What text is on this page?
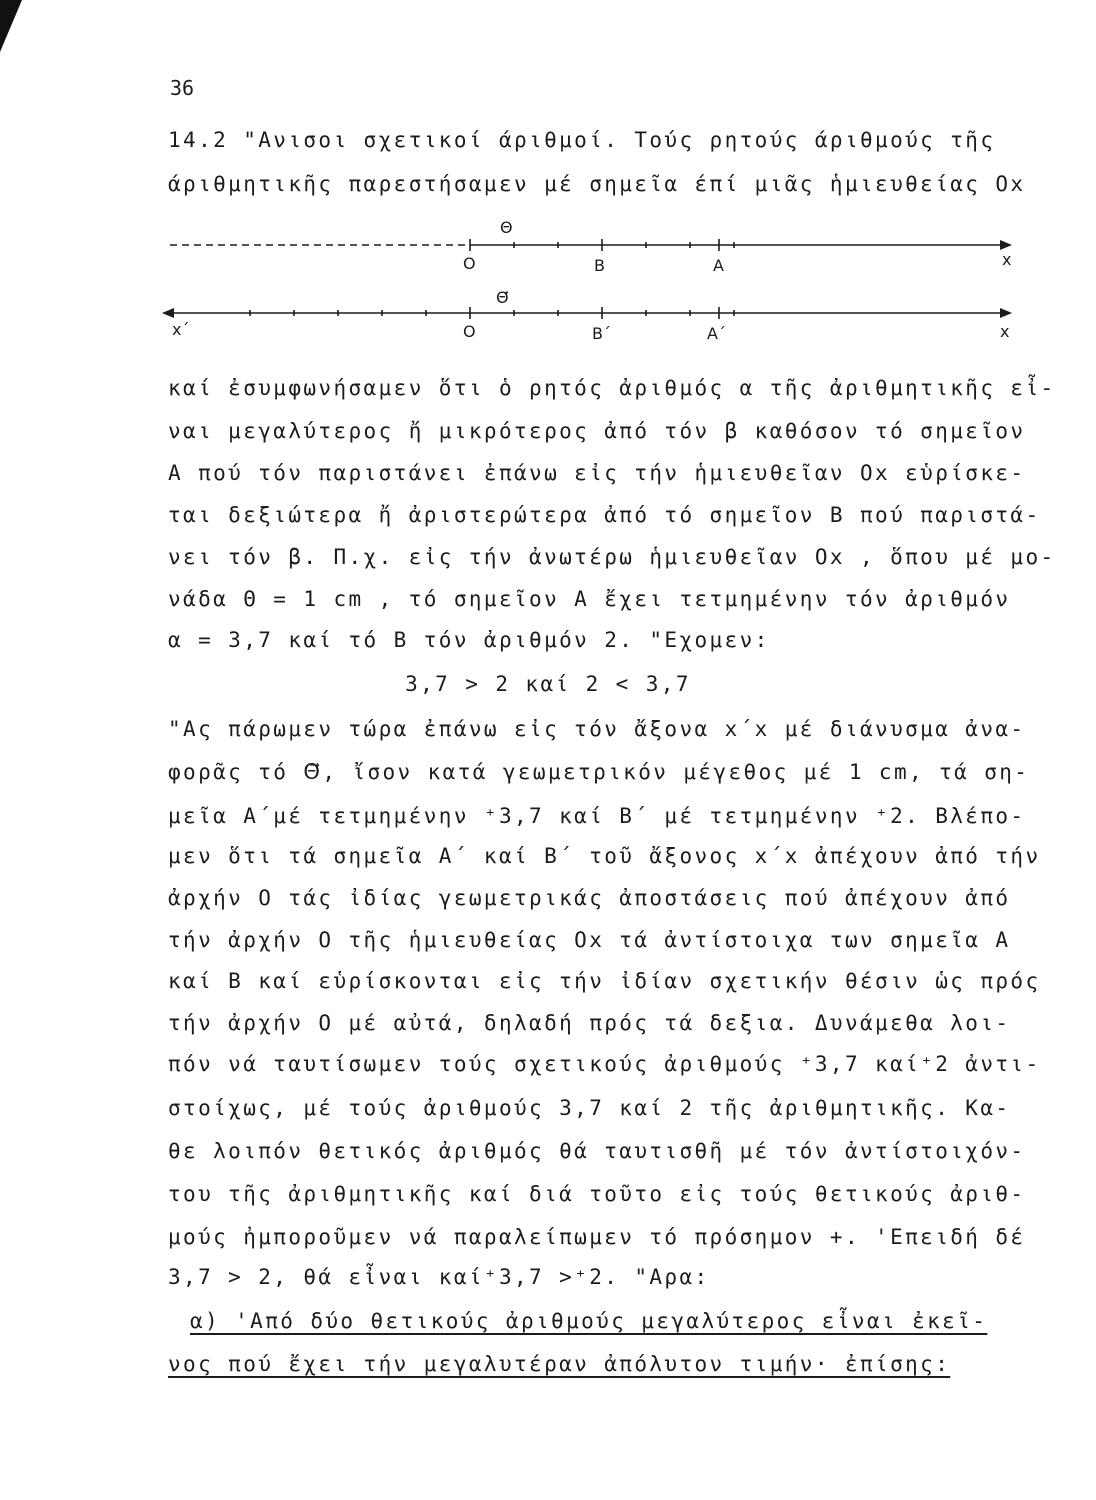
36
14.2 "Ανισοι σχετικοί άριθμοί. Τούς ρητούς άριθμούς τῆς
άριθμητικῆς παρεστήσαμεν μέ σημεῖα έπί μιᾶς ἡμιευθείας Οx
Θ
Ο	Β	Α	x
Θ⃗
x΄	Ο	Β΄	Α΄	x
καί ἐσυμφωνήσαμεν ὅτι ὁ ρητός ἀριθμός α τῆς ἀριθμητικῆς εἶ-
ναι μεγαλύτερος ἤ μικρότερος ἀπό τόν β καθόσον τό σημεῖον
Α πού τόν παριστάνει ἐπάνω εἰς τήν ἡμιευθεῖαν Οx εὑρίσκε-
ται δεξιώτερα ἤ ἀριστερώτερα ἀπό τό σημεῖον Β πού παριστά-
νει τόν β. Π.χ. εἰς τήν ἀνωτέρω ἡμιευθεῖαν Οx , ὅπου μέ μο-
νάδα Θ = 1 cm , τό σημεῖον Α ἔχει τετμημένην τόν ἀριθμόν
α = 3,7 καί τό Β τόν ἀριθμόν 2. "Εχομεν:
3,7 > 2 καί 2 < 3,7
"Ας πάρωμεν τώρα ἐπάνω εἰς τόν ἄξονα x΄x μέ διάνυσμα ἀνα-
φορᾶς τό Θ⃗, ἴσον κατά γεωμετρικόν μέγεθος μέ 1 cm, τά ση-
μεῖα Α΄μέ τετμημένην ⁺3,7 καί Β΄ μέ τετμημένην ⁺2. Βλέπο-
μεν ὅτι τά σημεῖα Α΄ καί Β΄ τοῦ ἄξονος x΄x ἀπέχουν ἀπό τήν
ἀρχήν Ο τάς ἰδίας γεωμετρικάς ἀποστάσεις πού ἀπέχουν ἀπό
τήν ἀρχήν Ο τῆς ἡμιευθείας Οx τά ἀντίστοιχα των σημεῖα Α
καί Β καί εὑρίσκονται εἰς τήν ἰδίαν σχετικήν θέσιν ὡς πρός
τήν ἀρχήν Ο μέ αὐτά, δηλαδή πρός τά δεξια. Δυνάμεθα λοι-
πόν νά ταυτίσωμεν τούς σχετικούς ἀριθμούς ⁺3,7 καί⁺2 ἀντι-
στοίχως, μέ τούς ἀριθμούς 3,7 καί 2 τῆς ἀριθμητικῆς. Κα-
θε λοιπόν θετικός ἀριθμός θά ταυτισθῆ μέ τόν ἀντίστοιχόν-
του τῆς ἀριθμητικῆς καί διά τοῦτο εἰς τούς θετικούς ἀριθ-
μούς ἠμποροῦμεν νά παραλείπωμεν τό πρόσημον +. 'Επειδή δέ
3,7 > 2, θά εἶναι καί⁺3,7 >⁺2. "Αρα:
α) 'Από δύο θετικούς ἀριθμούς μεγαλύτερος εἶναι ἐκεῖ-
νος πού ἔχει τήν μεγαλυτέραν ἀπόλυτον τιμήν· ἐπίσης:
